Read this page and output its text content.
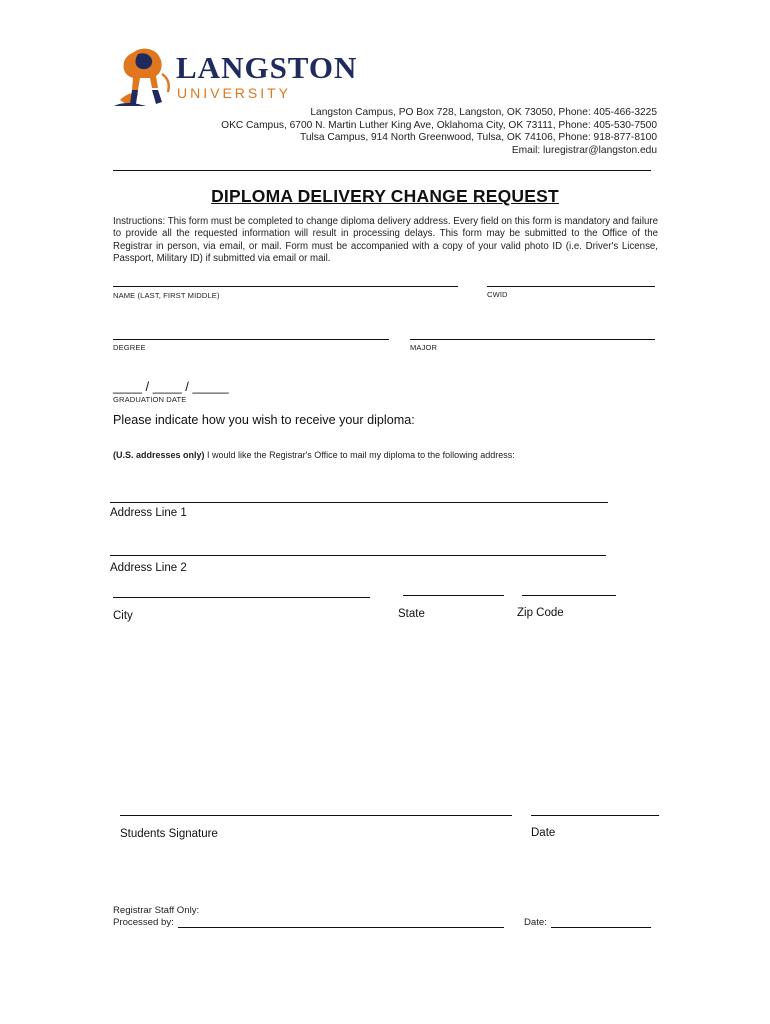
LANGSTON
UNIVERSITY
Langston Campus, PO Box 728, Langston, OK 73050, Phone: 405-466-3225
OKC Campus, 6700 N. Martin Luther King Ave, Oklahoma City, OK 73111, Phone: 405-530-7500
Tulsa Campus, 914 North Greenwood, Tulsa, OK 74106, Phone: 918-877-8100
Email: luregistrar@langston.edu
DIPLOMA DELIVERY CHANGE REQUEST
Instructions: This form must be completed to change diploma delivery address. Every field on this form is mandatory and failure to provide all the requested information will result in processing delays. This form may be submitted to the Office of the Registrar in person, via email, or mail. Form must be accompanied with a copy of your valid photo ID (i.e. Driver's License, Passport, Military ID) if submitted via email or mail.
NAME (LAST, FIRST MIDDLE)	CWID
DEGREE	MAJOR
____ / ____ / _____
GRADUATION DATE
Please indicate how you wish to receive your diploma:
(U.S. addresses only) I would like the Registrar's Office to mail my diploma to the following address:
Address Line 1
Address Line 2
City	State	Zip Code
Students Signature	Date
Registrar Staff Only:
Processed by:	Date:
